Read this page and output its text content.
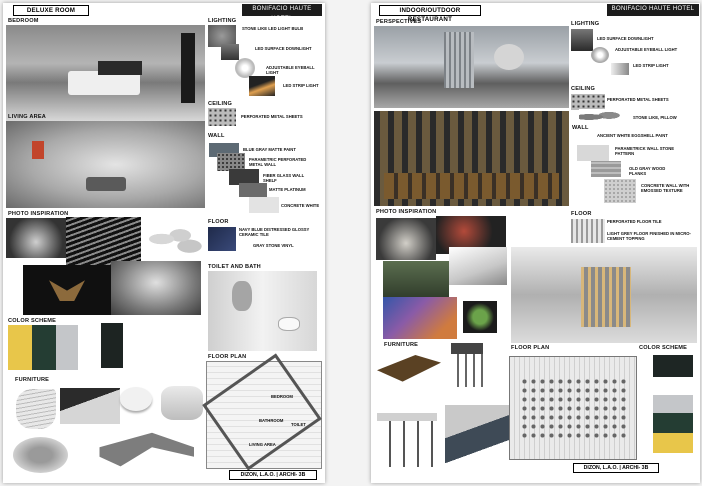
DELUXE ROOM	BONIFACIO HAUTE HOTEL
BEDROOM
LIVING AREA
PHOTO INSPIRATION
COLOR SCHEME
FURNITURE
LIGHTING
STONE LIKE LED LIGHT BULB
LED SURFACE DOWNLIGHT
ADJUSTABLE EYEBALL LIGHT
LED STRIP LIGHT
CEILING
PERFORATED METAL SHEETS
WALL
BLUE GRAY MATTE PAINT
PARAMETRIC PERFORATED METAL WALL
FIBER GLASS WALL SHELF
MATTE PLATINUM
CONCRETE WHITE
FLOOR
NAVY BLUE DISTRESSED GLOSSY CERAMIC TILE
GRAY STONE VINYL
TOILET AND BATH
FLOOR PLAN
BEDROOM
BATHROOM
TOILET
LIVING AREA
DIZON, L.A.O. | ARCHI- 3B
INDOOR/OUTDOOR RESTAURANT
BONIFACIO HAUTE HOTEL
PERSPECTIVES
PHOTO INSPIRATION
FURNITURE	FLOOR PLAN	COLOR SCHEME
LIGHTING
LED SURFACE DOWNLIGHT
ADJUSTABLE EYEBALL LIGHT
LED STRIP LIGHT
CEILING
PERFORATED METAL SHEETS
STONE LIKE, PILLOW
WALL
ANCIENT WHITE EGGSHELL PAINT
PARAMETRICK WALL STONE PATTERN
OLD GRAY WOOD PLANKS
CONCRETE WALL WITH EMOSSED TEXTURE
FLOOR
PERFORATED FLOOR TILE
LIGHT GREY FLOOR FINISHED IN MICRO-CEMENT TOPPING
DIZON, L.A.O. | ARCHI- 3B
